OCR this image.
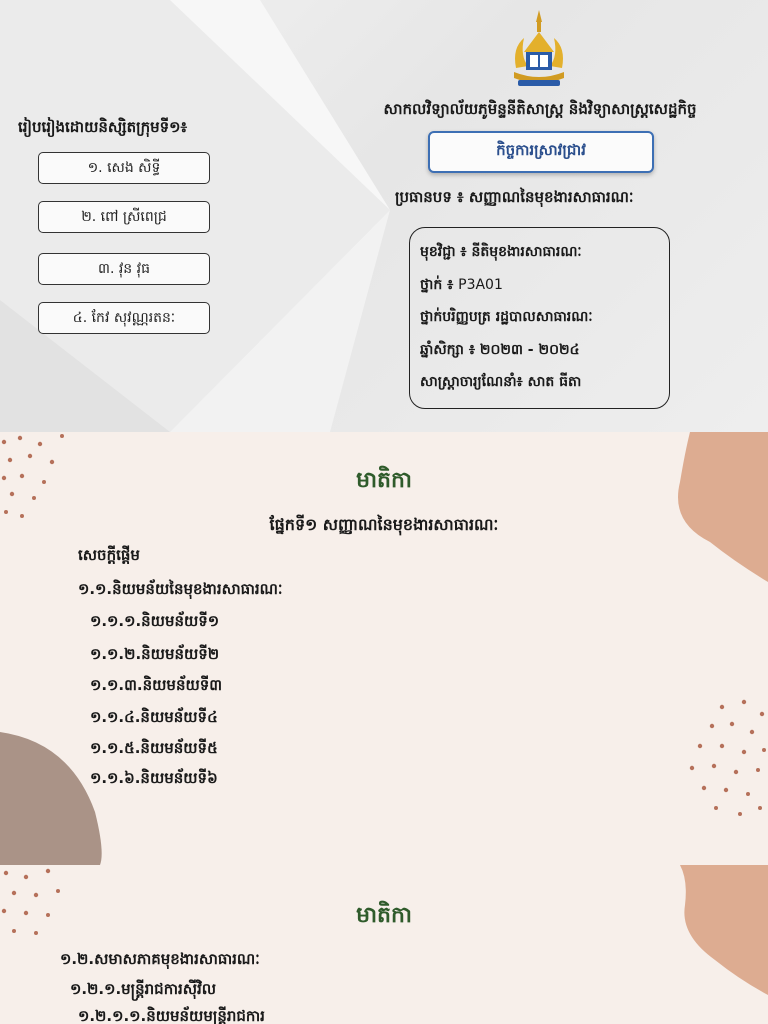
សាកលវិទ្យាល័យភូមិន្ទនីតិសាស្ត្រ និងវិទ្យាសាស្ត្រសេដ្ឋកិច្ច
កិច្ចការស្រាវជ្រាវ
ប្រធានបទ ៖ សញ្ញាណនៃមុខងារសាធារណៈ
មុខវិជ្ជា ៖ នីតិមុខងារសាធារណៈ
ថ្នាក់ ៖ P3A01
ថ្នាក់បរិញ្ញបត្រ រដ្ឋបាលសាធារណៈ
ឆ្នាំសិក្សា ៖ ២០២៣ - ២០២៤
សាស្ត្រាចារ្យណែនាំ៖ សាត ធីតា
រៀបរៀងដោយនិស្សិតក្រុមទី១៖
១. សេង សិទ្ធី
២. ពៅ ស្រីពេជ្រ
៣. វុន វុធ
៤. កែវ សុវណ្ណរតនៈ
មាតិកា
ផ្នែកទី១ សញ្ញាណនៃមុខងារសាធារណៈ
សេចក្ដីផ្ដើម
១.១.និយមន័យនៃមុខងារសាធារណៈ
១.១.១.និយមន័យទី១
១.១.២.និយមន័យទី២
១.១.៣.និយមន័យទី៣
១.១.៤.និយមន័យទី៤
១.១.៥.និយមន័យទី៥
១.១.៦.និយមន័យទី៦
មាតិកា
១.២.សមាសភាគមុខងារសាធារណៈ
១.២.១.មន្ត្រីរាជការស៊ីវិល
១.២.១.១.និយមន័យមន្ត្រីរាជការ
